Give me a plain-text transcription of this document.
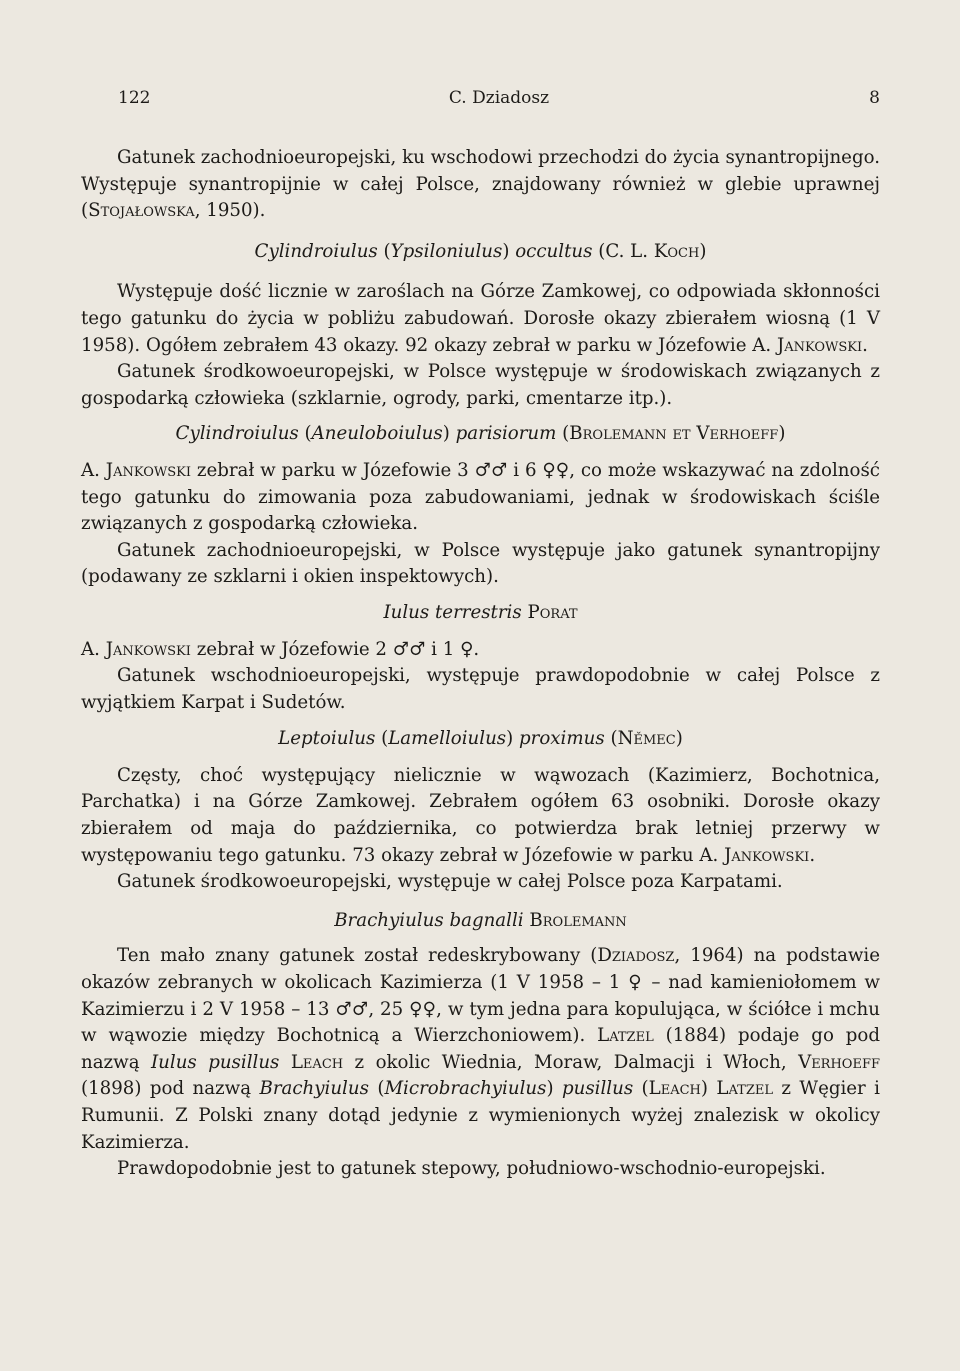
122	C. Dziadosz	8

Gatunek zachodnioeuropejski, ku wschodowi przechodzi do życia synantropijnego. Występuje synantropijnie w całej Polsce, znajdowany również w glebie uprawnej (Stojałowska, 1950).

Cylindroiulus (Ypsiloniulus) occultus (C. L. Koch)

Występuje dość licznie w zaroślach na Górze Zamkowej, co odpowiada skłonności tego gatunku do życia w pobliżu zabudowań. Dorosłe okazy zbierałem wiosną (1 V 1958). Ogółem zebrałem 43 okazy. 92 okazy zebrał w parku w Józefowie A. Jankowski.

Gatunek środkowoeuropejski, w Polsce występuje w środowiskach związanych z gospodarką człowieka (szklarnie, ogrody, parki, cmentarze itp.).

Cylindroiulus (Aneuloboiulus) parisiorum (Brolemann et Verhoeff)

A. Jankowski zebrał w parku w Józefowie 3 ♂♂ i 6 ♀♀, co może wskazywać na zdolność tego gatunku do zimowania poza zabudowaniami, jednak w środowiskach ściśle związanych z gospodarką człowieka.

Gatunek zachodnioeuropejski, w Polsce występuje jako gatunek synantropijny (podawany ze szklarni i okien inspektowych).

Iulus terrestris Porat

A. Jankowski zebrał w Józefowie 2 ♂♂ i 1 ♀.

Gatunek wschodnioeuropejski, występuje prawdopodobnie w całej Polsce z wyjątkiem Karpat i Sudetów.

Leptoiulus (Lamelloiulus) proximus (Němec)

Częsty, choć występujący nielicznie w wąwozach (Kazimierz, Bochotnica, Parchatka) i na Górze Zamkowej. Zebrałem ogółem 63 osobniki. Dorosłe okazy zbierałem od maja do października, co potwierdza brak letniej przerwy w występowaniu tego gatunku. 73 okazy zebrał w Józefowie w parku A. Jankowski.

Gatunek środkowoeuropejski, występuje w całej Polsce poza Karpatami.

Brachyiulus bagnalli Brolemann

Ten mało znany gatunek został redeskrybowany (Dziadosz, 1964) na podstawie okazów zebranych w okolicach Kazimierza (1 V 1958 – 1 ♀ – nad kamieniołomem w Kazimierzu i 2 V 1958 – 13 ♂♂, 25 ♀♀, w tym jedna para kopulująca, w ściółce i mchu w wąwozie między Bochotnicą a Wierzchoniowem). Latzel (1884) podaje go pod nazwą Iulus pusillus Leach z okolic Wiednia, Moraw, Dalmacji i Włoch, Verhoeff (1898) pod nazwą Brachyiulus (Microbrachyiulus) pusillus (Leach) Latzel z Węgier i Rumunii. Z Polski znany dotąd jedynie z wymienionych wyżej znalezisk w okolicy Kazimierza.

Prawdopodobnie jest to gatunek stepowy, południowo-wschodnio-europejski.
